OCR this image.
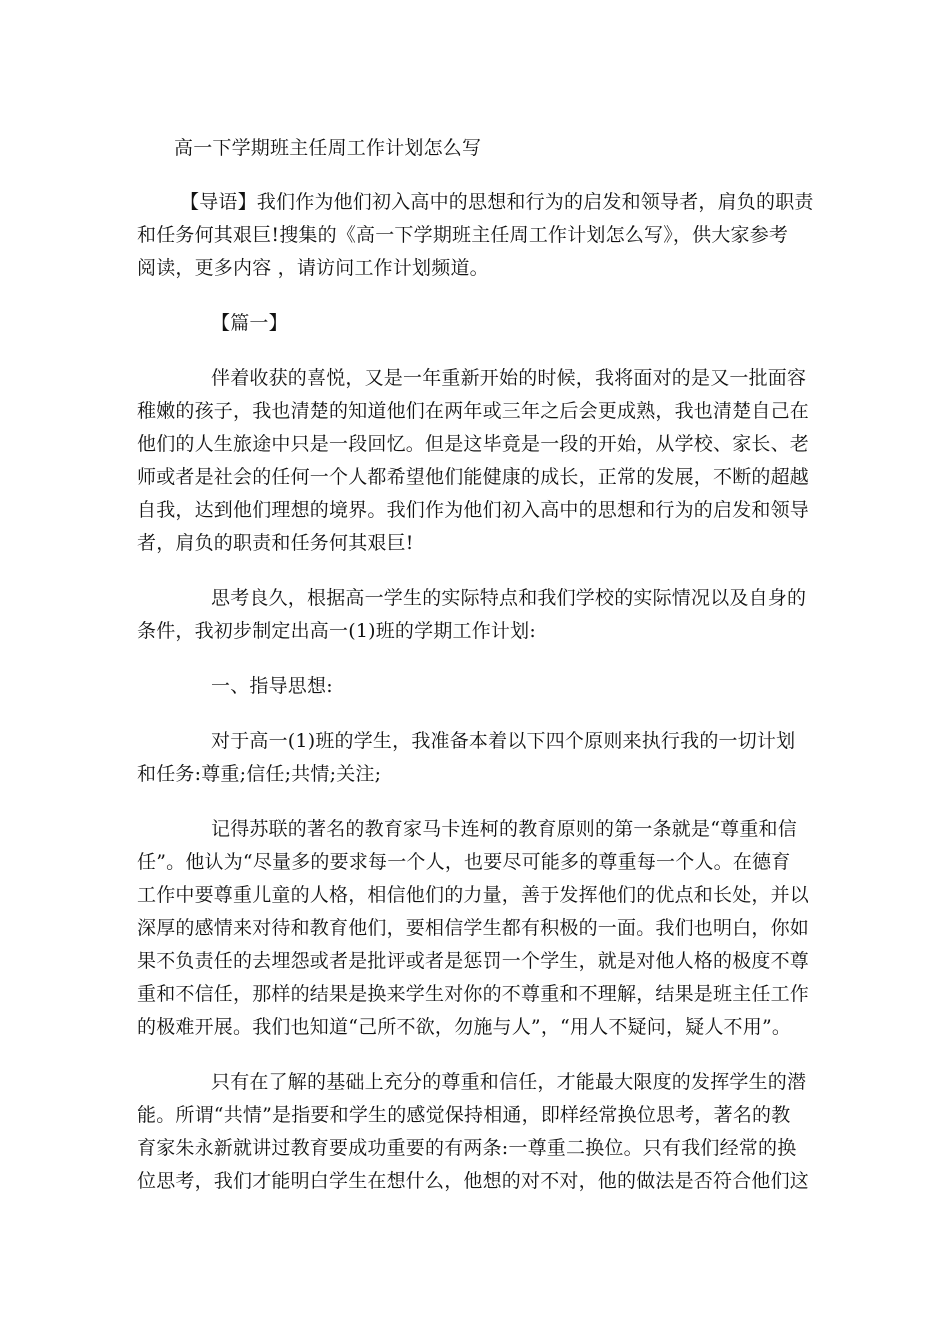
高一下学期班主任周工作计划怎么写

【导语】我们作为他们初入高中的思想和行为的启发和领导者，肩负的职责

和任务何其艰巨!搜集的《高一下学期班主任周工作计划怎么写》，供大家参考

阅读，更多内容 ，请访问工作计划频道。

【篇一】

伴着收获的喜悦，又是一年重新开始的时候，我将面对的是又一批面容

稚嫩的孩子，我也清楚的知道他们在两年或三年之后会更成熟，我也清楚自己在

他们的人生旅途中只是一段回忆。但是这毕竟是一段的开始，从学校、家长、老

师或者是社会的任何一个人都希望他们能健康的成长，正常的发展，不断的超越

自我，达到他们理想的境界。我们作为他们初入高中的思想和行为的启发和领导

者，肩负的职责和任务何其艰巨!

思考良久，根据高一学生的实际特点和我们学校的实际情况以及自身的

条件，我初步制定出高一(1)班的学期工作计划:

一、指导思想:

对于高一(1)班的学生，我准备本着以下四个原则来执行我的一切计划

和任务:尊重;信任;共情;关注;

记得苏联的著名的教育家马卡连柯的教育原则的第一条就是“尊重和信

任”。他认为“尽量多的要求每一个人，也要尽可能多的尊重每一个人。在德育

工作中要尊重儿童的人格，相信他们的力量，善于发挥他们的优点和长处，并以

深厚的感情来对待和教育他们，要相信学生都有积极的一面。我们也明白，你如

果不负责任的去埋怨或者是批评或者是惩罚一个学生，就是对他人格的极度不尊

重和不信任，那样的结果是换来学生对你的不尊重和不理解，结果是班主任工作

的极难开展。我们也知道“己所不欲，勿施与人”，“用人不疑问，疑人不用”。

只有在了解的基础上充分的尊重和信任，才能最大限度的发挥学生的潜

能。所谓“共情”是指要和学生的感觉保持相通，即样经常换位思考，著名的教

育家朱永新就讲过教育要成功重要的有两条:一尊重二换位。只有我们经常的换

位思考，我们才能明白学生在想什么，他想的对不对，他的做法是否符合他们这
